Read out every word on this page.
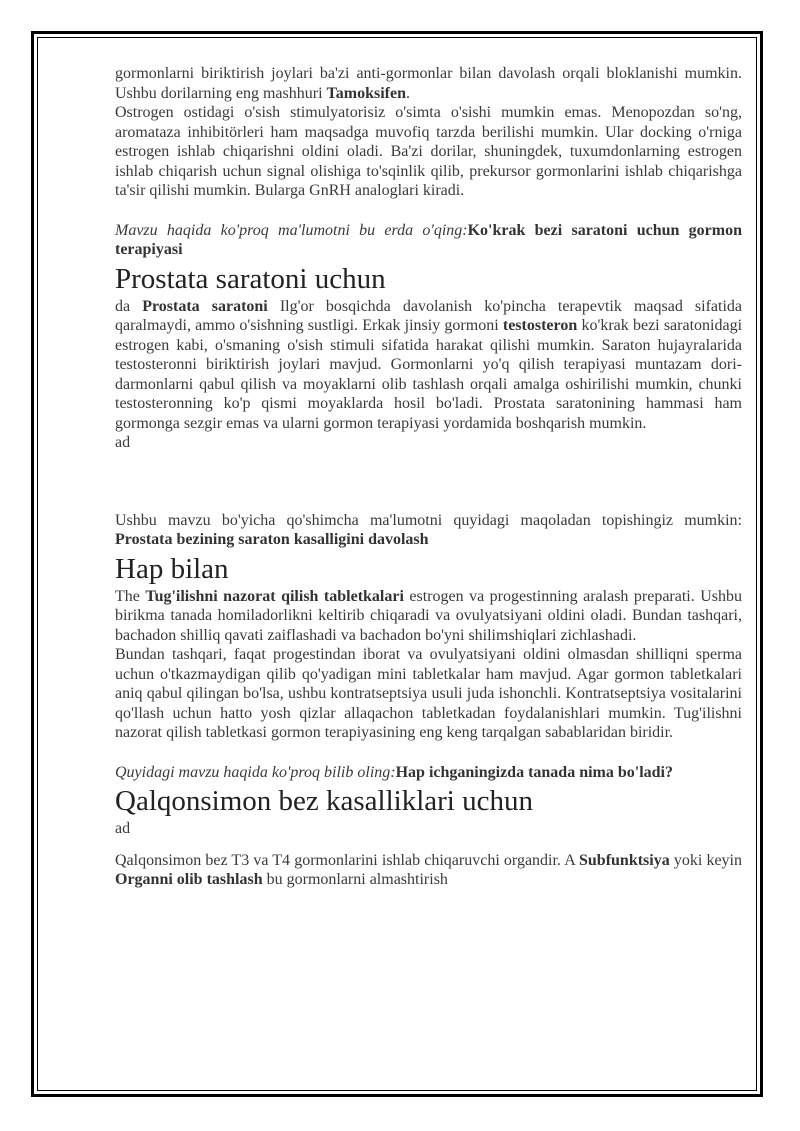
gormonlarni biriktirish joylari ba'zi anti-gormonlar bilan davolash orqali bloklanishi mumkin. Ushbu dorilarning eng mashhuri Tamoksifen.

Ostrogen ostidagi o'sish stimulyatorisiz o'simta o'sishi mumkin emas. Menopozdan so'ng, aromataza inhibitörleri ham maqsadga muvofiq tarzda berilishi mumkin. Ular docking o'rniga estrogen ishlab chiqarishni oldini oladi. Ba'zi dorilar, shuningdek, tuxumdonlarning estrogen ishlab chiqarish uchun signal olishiga to'sqinlik qilib, prekursor gormonlarini ishlab chiqarishga ta'sir qilishi mumkin. Bularga GnRH analoglari kiradi.

Mavzu haqida ko'proq ma'lumotni bu erda o'qing:Ko'krak bezi saratoni uchun gormon terapiyasi

Prostata saratoni uchun

da Prostata saratoni Ilg'or bosqichda davolanish ko'pincha terapevtik maqsad sifatida qaralmaydi, ammo o'sishning sustligi. Erkak jinsiy gormoni testosteron ko'krak bezi saratonidagi estrogen kabi, o'smaning o'sish stimuli sifatida harakat qilishi mumkin. Saraton hujayralarida testosteronni biriktirish joylari mavjud. Gormonlarni yo'q qilish terapiyasi muntazam dori-darmonlarni qabul qilish va moyaklarni olib tashlash orqali amalga oshirilishi mumkin, chunki testosteronning ko'p qismi moyaklarda hosil bo'ladi. Prostata saratonining hammasi ham gormonga sezgir emas va ularni gormon terapiyasi yordamida boshqarish mumkin.

ad

Ushbu mavzu bo'yicha qo'shimcha ma'lumotni quyidagi maqoladan topishingiz mumkin: Prostata bezining saraton kasalligini davolash

Hap bilan

The Tug'ilishni nazorat qilish tabletkalari estrogen va progestinning aralash preparati. Ushbu birikma tanada homiladorlikni keltirib chiqaradi va ovulyatsiyani oldini oladi. Bundan tashqari, bachadon shilliq qavati zaiflashadi va bachadon bo'yni shilimshiqlari zichlashadi.

Bundan tashqari, faqat progestindan iborat va ovulyatsiyani oldini olmasdan shilliqni sperma uchun o'tkazmaydigan qilib qo'yadigan mini tabletkalar ham mavjud. Agar gormon tabletkalari aniq qabul qilingan bo'lsa, ushbu kontratseptsiya usuli juda ishonchli. Kontratseptsiya vositalarini qo'llash uchun hatto yosh qizlar allaqachon tabletkadan foydalanishlari mumkin. Tug'ilishni nazorat qilish tabletkasi gormon terapiyasining eng keng tarqalgan sabablaridan biridir.

Quyidagi mavzu haqida ko'proq bilib oling:Hap ichganingizda tanada nima bo'ladi?

Qalqonsimon bez kasalliklari uchun

ad

Qalqonsimon bez T3 va T4 gormonlarini ishlab chiqaruvchi organdir. A Subfunktsiya yoki keyin Organni olib tashlash bu gormonlarni almashtirish
